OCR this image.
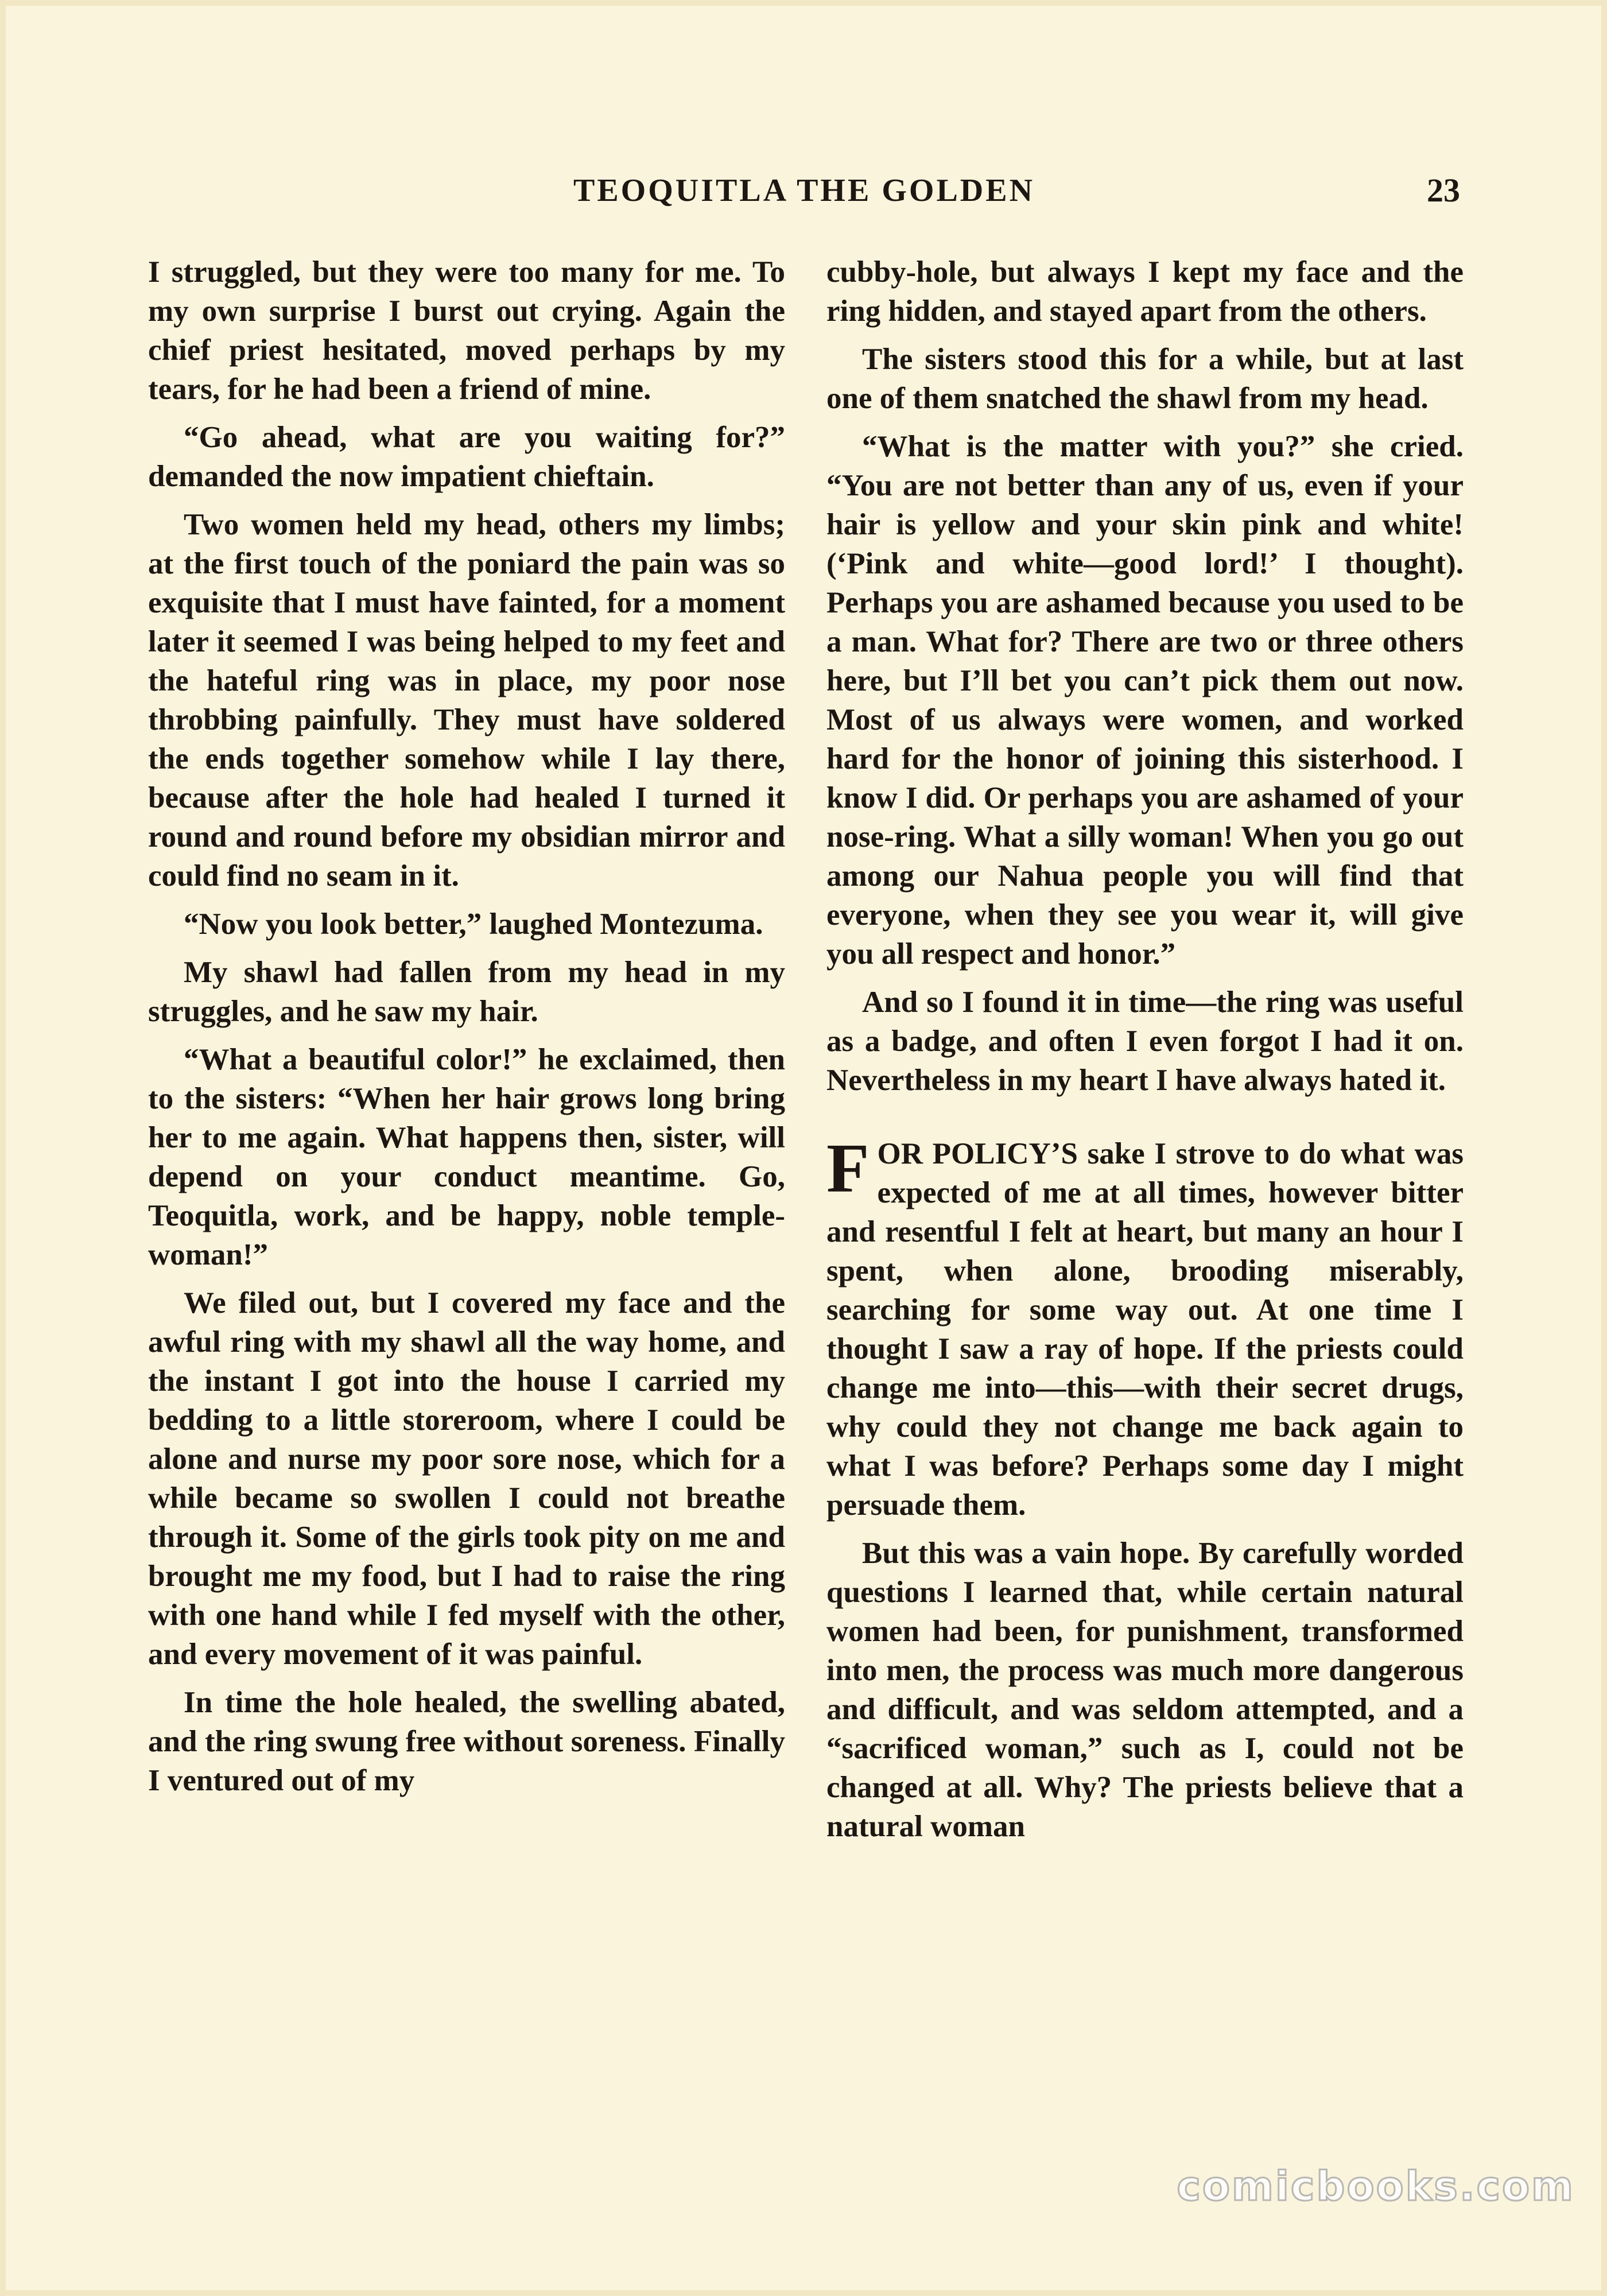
TEOQUITLA THE GOLDEN	23

I struggled, but they were too many for me. To my own surprise I burst out crying. Again the chief priest hesitated, moved perhaps by my tears, for he had been a friend of mine.

“Go ahead, what are you waiting for?” demanded the now impatient chieftain.

Two women held my head, others my limbs; at the first touch of the poniard the pain was so exquisite that I must have fainted, for a moment later it seemed I was being helped to my feet and the hateful ring was in place, my poor nose throbbing painfully. They must have soldered the ends together somehow while I lay there, because after the hole had healed I turned it round and round before my obsidian mirror and could find no seam in it.

“Now you look better,” laughed Montezuma.

My shawl had fallen from my head in my struggles, and he saw my hair.

“What a beautiful color!” he exclaimed, then to the sisters: “When her hair grows long bring her to me again. What happens then, sister, will depend on your conduct meantime. Go, Teoquitla, work, and be happy, noble temple-woman!”

We filed out, but I covered my face and the awful ring with my shawl all the way home, and the instant I got into the house I carried my bedding to a little storeroom, where I could be alone and nurse my poor sore nose, which for a while became so swollen I could not breathe through it. Some of the girls took pity on me and brought me my food, but I had to raise the ring with one hand while I fed myself with the other, and every movement of it was painful.

In time the hole healed, the swelling abated, and the ring swung free without soreness. Finally I ventured out of my

cubby-hole, but always I kept my face and the ring hidden, and stayed apart from the others.

The sisters stood this for a while, but at last one of them snatched the shawl from my head.

“What is the matter with you?” she cried. “You are not better than any of us, even if your hair is yellow and your skin pink and white! (‘Pink and white—good lord!’ I thought). Perhaps you are ashamed because you used to be a man. What for? There are two or three others here, but I’ll bet you can’t pick them out now. Most of us always were women, and worked hard for the honor of joining this sisterhood. I know I did. Or perhaps you are ashamed of your nose-ring. What a silly woman! When you go out among our Nahua people you will find that everyone, when they see you wear it, will give you all respect and honor.”

And so I found it in time—the ring was useful as a badge, and often I even forgot I had it on. Nevertheless in my heart I have always hated it.

FOR POLICY’S sake I strove to do what was expected of me at all times, however bitter and resentful I felt at heart, but many an hour I spent, when alone, brooding miserably, searching for some way out. At one time I thought I saw a ray of hope. If the priests could change me into—this—with their secret drugs, why could they not change me back again to what I was before? Perhaps some day I might persuade them.

But this was a vain hope. By carefully worded questions I learned that, while certain natural women had been, for punishment, transformed into men, the process was much more dangerous and difficult, and was seldom attempted, and a “sacrificed woman,” such as I, could not be changed at all. Why? The priests believe that a natural woman

comicbooks.com
